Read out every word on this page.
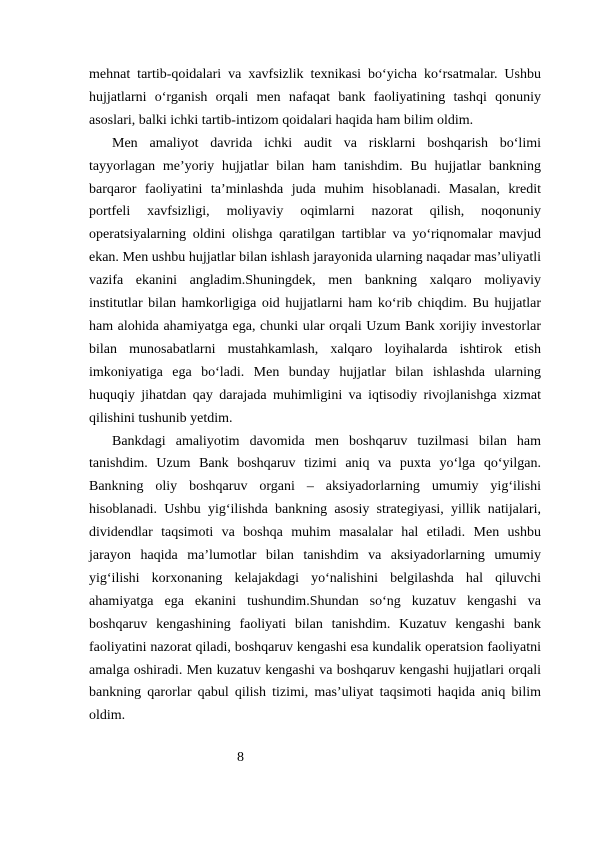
mehnat tartib-qoidalari va xavfsizlik texnikasi bo‘yicha ko‘rsatmalar. Ushbu hujjatlarni o‘rganish orqali men nafaqat bank faoliyatining tashqi qonuniy asoslari, balki ichki tartib-intizom qoidalari haqida ham bilim oldim.

Men amaliyot davrida ichki audit va risklarni boshqarish bo‘limi tayyorlagan me’yoriy hujjatlar bilan ham tanishdim. Bu hujjatlar bankning barqaror faoliyatini ta’minlashda juda muhim hisoblanadi. Masalan, kredit portfeli xavfsizligi, moliyaviy oqimlarni nazorat qilish, noqonuniy operatsiyalarning oldini olishga qaratilgan tartiblar va yo‘riqnomalar mavjud ekan. Men ushbu hujjatlar bilan ishlash jarayonida ularning naqadar mas’uliyatli vazifa ekanini angladim.Shuningdek, men bankning xalqaro moliyaviy institutlar bilan hamkorligiga oid hujjatlarni ham ko‘rib chiqdim. Bu hujjatlar ham alohida ahamiyatga ega, chunki ular orqali Uzum Bank xorijiy investorlar bilan munosabatlarni mustahkamlash, xalqaro loyihalarda ishtirok etish imkoniyatiga ega bo‘ladi. Men bunday hujjatlar bilan ishlashda ularning huquqiy jihatdan qay darajada muhimligini va iqtisodiy rivojlanishga xizmat qilishini tushunib yetdim.

Bankdagi amaliyotim davomida men boshqaruv tuzilmasi bilan ham tanishdim. Uzum Bank boshqaruv tizimi aniq va puxta yo‘lga qo‘yilgan. Bankning oliy boshqaruv organi – aksiyadorlarning umumiy yig‘ilishi hisoblanadi. Ushbu yig‘ilishda bankning asosiy strategiyasi, yillik natijalari, dividendlar taqsimoti va boshqa muhim masalalar hal etiladi. Men ushbu jarayon haqida ma’lumotlar bilan tanishdim va aksiyadorlarning umumiy yig‘ilishi korxonaning kelajakdagi yo‘nalishini belgilashda hal qiluvchi ahamiyatga ega ekanini tushundim.Shundan so‘ng kuzatuv kengashi va boshqaruv kengashining faoliyati bilan tanishdim. Kuzatuv kengashi bank faoliyatini nazorat qiladi, boshqaruv kengashi esa kundalik operatsion faoliyatni amalga oshiradi. Men kuzatuv kengashi va boshqaruv kengashi hujjatlari orqali bankning qarorlar qabul qilish tizimi, mas’uliyat taqsimoti haqida aniq bilim oldim.

8
